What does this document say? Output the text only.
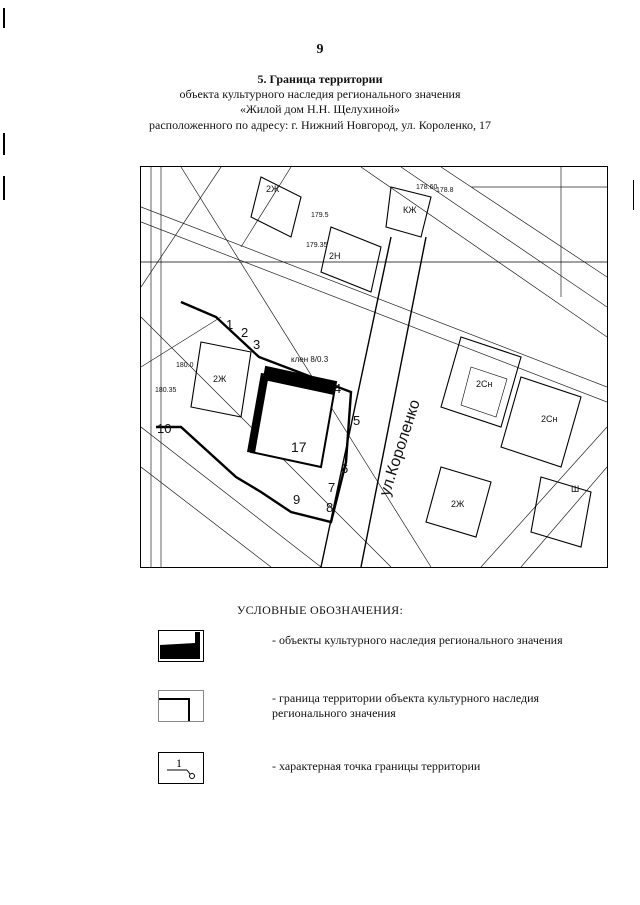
9
5. Граница территории
объекта культурного наследия регионального значения
«Жилой дом Н.Н. Щелухиной»
расположенного по адресу: г. Нижний Новгород, ул. Короленко, 17
2Ж
2Н
КЖ
2Ж	2Сн
2Сн
Ш
2Ж
клен 8/0.3
179.5
178.8
180.0
179.35
178.60
180.35
ул.Короленко
17
1
2
3
4
5
6
7
8
9
10
УСЛОВНЫЕ ОБОЗНАЧЕНИЯ:
- объекты культурного наследия регионального значения
- граница территории объекта культурного наследия регионального значения
1	- характерная точка границы территории
